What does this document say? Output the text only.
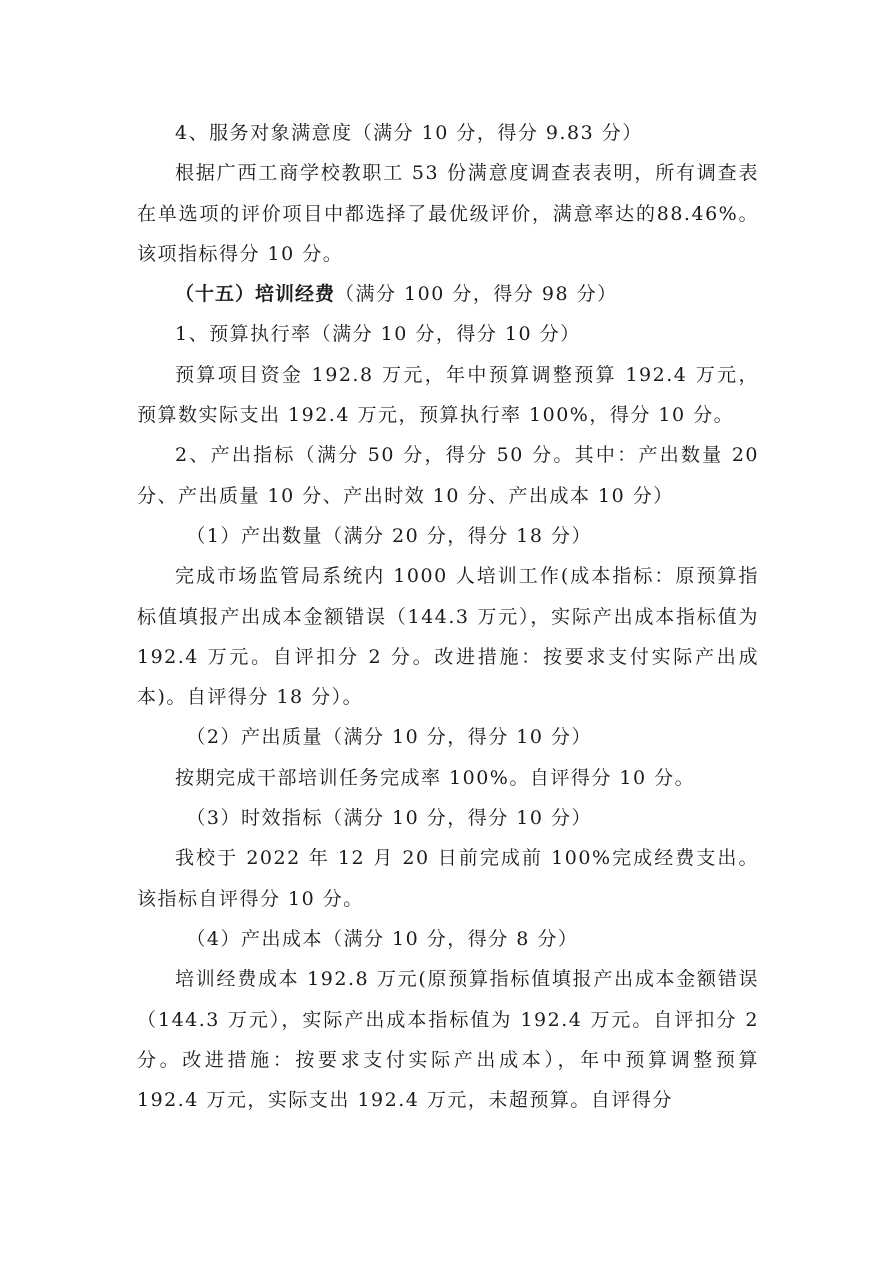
4、服务对象满意度（满分 10 分，得分 9.83 分）

根据广西工商学校教职工 53 份满意度调查表表明，所有调查表在单选项的评价项目中都选择了最优级评价，满意率达的88.46%。该项指标得分 10 分。

（十五）培训经费（满分 100 分，得分 98 分）

1、预算执行率（满分 10 分，得分 10 分）

预算项目资金 192.8 万元，年中预算调整预算 192.4 万元，预算数实际支出 192.4 万元，预算执行率 100%，得分 10 分。

2、产出指标（满分 50 分，得分 50 分。其中：产出数量 20 分、产出质量 10 分、产出时效 10 分、产出成本 10 分）

（1）产出数量（满分 20 分，得分 18 分）

完成市场监管局系统内 1000 人培训工作(成本指标：原预算指标值填报产出成本金额错误（144.3 万元），实际产出成本指标值为 192.4 万元。自评扣分 2 分。改进措施：按要求支付实际产出成本)。自评得分 18 分）。

（2）产出质量（满分 10 分，得分 10 分）

按期完成干部培训任务完成率 100%。自评得分 10 分。

（3）时效指标（满分 10 分，得分 10 分）

我校于 2022 年 12 月 20 日前完成前 100%完成经费支出。该指标自评得分 10 分。

（4）产出成本（满分 10 分，得分 8 分）

培训经费成本 192.8 万元(原预算指标值填报产出成本金额错误（144.3 万元），实际产出成本指标值为 192.4 万元。自评扣分 2 分。改进措施：按要求支付实际产出成本），年中预算调整预算 192.4 万元，实际支出 192.4 万元，未超预算。自评得分
